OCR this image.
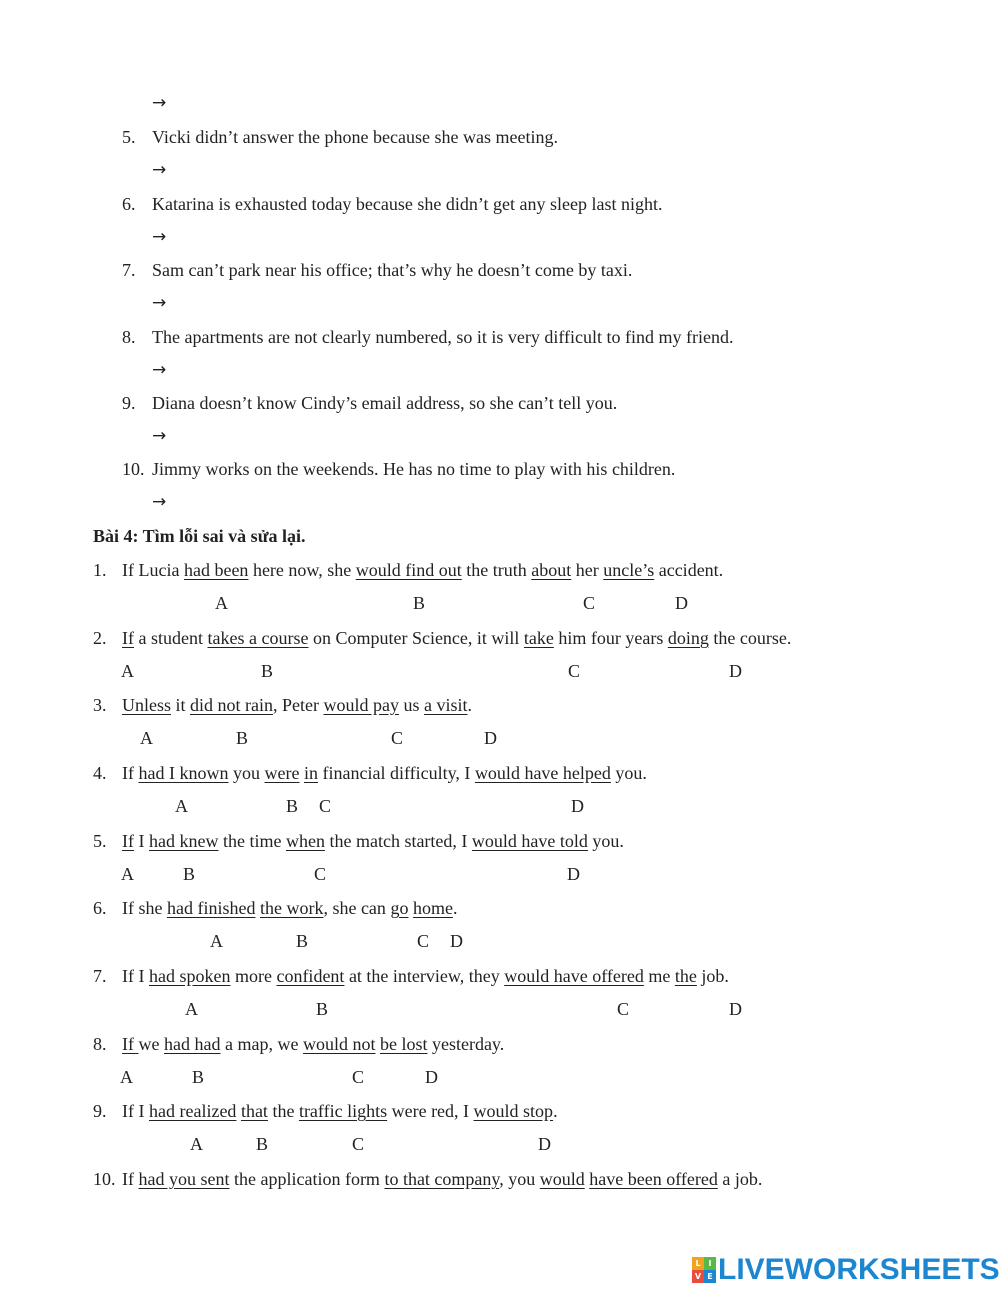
→
5. Vicki didn’t answer the phone because she was meeting.
→
6. Katarina is exhausted today because she didn’t get any sleep last night.
→
7. Sam can’t park near his office; that’s why he doesn’t come by taxi.
→
8. The apartments are not clearly numbered, so it is very difficult to find my friend.
→
9. Diana doesn’t know Cindy’s email address, so she can’t tell you.
→
10. Jimmy works on the weekends. He has no time to play with his children.
→
Bài 4: Tìm lỗi sai và sửa lại.
1. If Lucia had been here now, she would find out the truth about her uncle’s accident.
A	B	C	D
2. If a student takes a course on Computer Science, it will take him four years doing the course.
A	B	C	D
3. Unless it did not rain, Peter would pay us a visit.
A	B	C	D
4. If had I known you were in financial difficulty, I would have helped you.
A	B C	D
5. If I had knew the time when the match started, I would have told you.
A	B	C	D
6. If she had finished the work, she can go home.
A	B	C D
7. If I had spoken more confident at the interview, they would have offered me the job.
A	B	C	D
8. If we had had a map, we would not be lost yesterday.
A	B	C	D
9. If I had realized that the traffic lights were red, I would stop.
A	B	C	D
10. If had you sent the application form to that company, you would have been offered a job.
L I
V E LIVEWORKSHEETS
